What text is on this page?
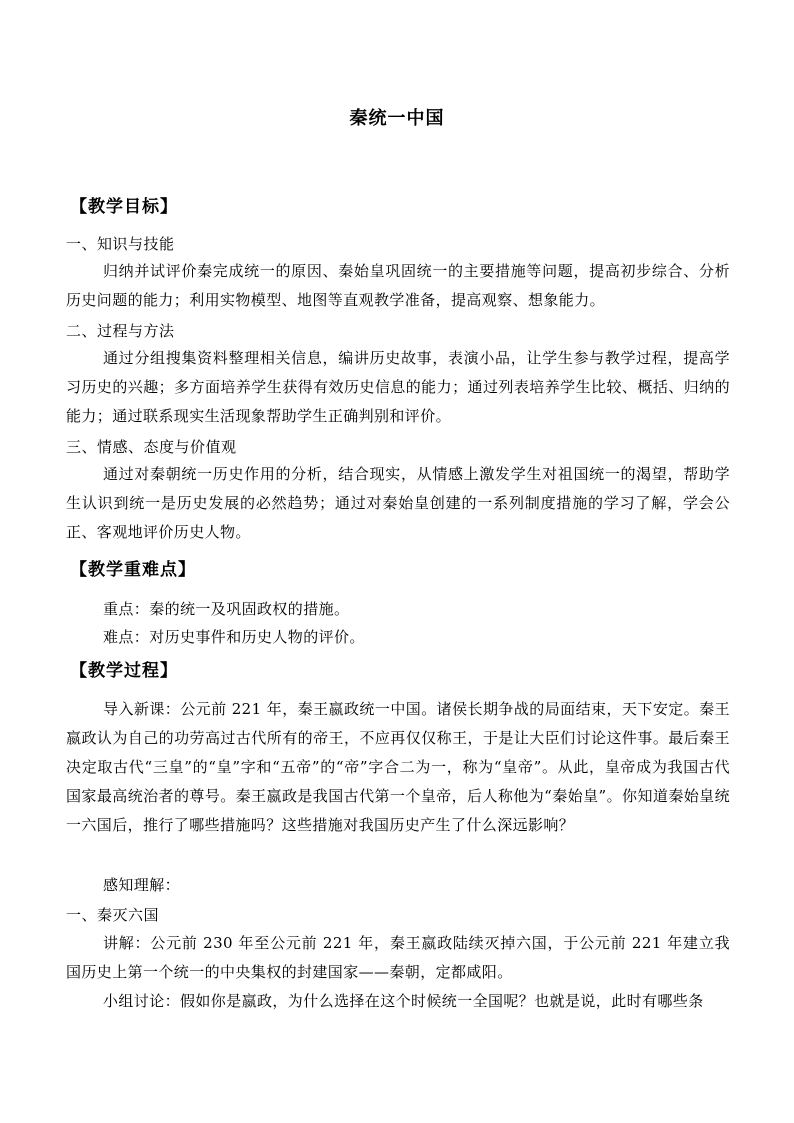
秦统一中国
【教学目标】
一、知识与技能
归纳并试评价秦完成统一的原因、秦始皇巩固统一的主要措施等问题，提高初步综合、分析历史问题的能力；利用实物模型、地图等直观教学准备，提高观察、想象能力。
二、过程与方法
通过分组搜集资料整理相关信息，编讲历史故事，表演小品，让学生参与教学过程，提高学习历史的兴趣；多方面培养学生获得有效历史信息的能力；通过列表培养学生比较、概括、归纳的能力；通过联系现实生活现象帮助学生正确判别和评价。
三、情感、态度与价值观
通过对秦朝统一历史作用的分析，结合现实，从情感上激发学生对祖国统一的渴望，帮助学生认识到统一是历史发展的必然趋势；通过对秦始皇创建的一系列制度措施的学习了解，学会公正、客观地评价历史人物。
【教学重难点】
重点：秦的统一及巩固政权的措施。
难点：对历史事件和历史人物的评价。
【教学过程】
导入新课：公元前 221 年，秦王嬴政统一中国。诸侯长期争战的局面结束，天下安定。秦王嬴政认为自己的功劳高过古代所有的帝王，不应再仅仅称王，于是让大臣们讨论这件事。最后秦王决定取古代“三皇”的“皇”字和“五帝”的“帝”字合二为一，称为“皇帝”。从此，皇帝成为我国古代国家最高统治者的尊号。秦王嬴政是我国古代第一个皇帝，后人称他为“秦始皇”。你知道秦始皇统一六国后，推行了哪些措施吗？这些措施对我国历史产生了什么深远影响？
感知理解：
一、秦灭六国
讲解：公元前 230 年至公元前 221 年，秦王嬴政陆续灭掉六国，于公元前 221 年建立我国历史上第一个统一的中央集权的封建国家——秦朝，定都咸阳。
小组讨论：假如你是嬴政，为什么选择在这个时候统一全国呢？也就是说，此时有哪些条
